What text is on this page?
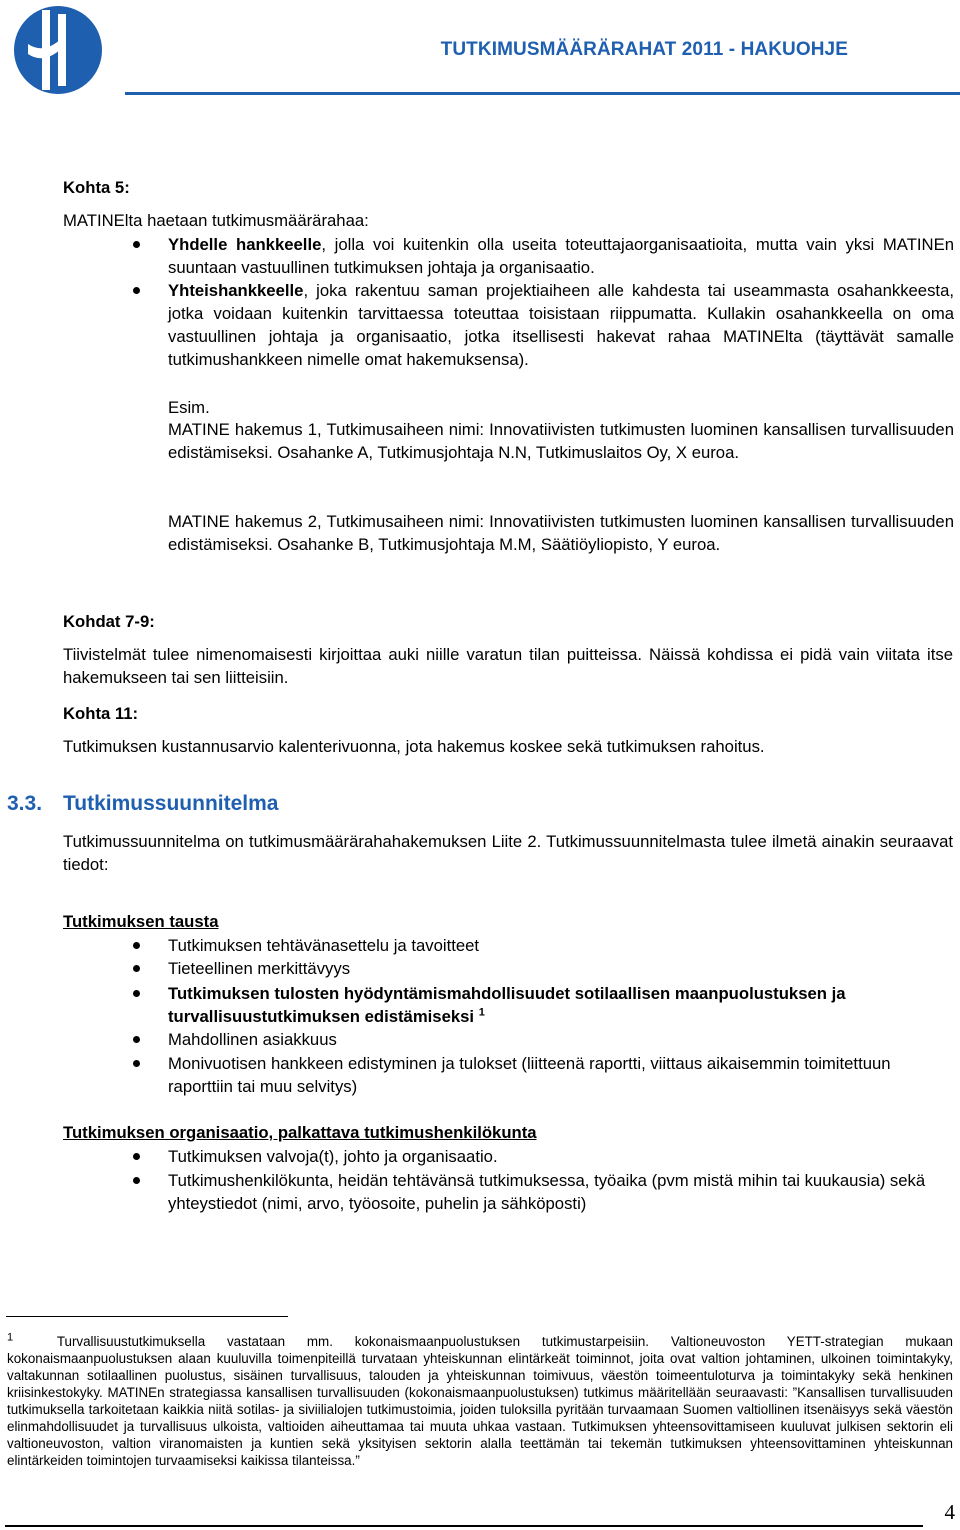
TUTKIMUSMÄÄRÄRAHAT 2011 - HAKUOHJE
Kohta 5:
MATINElta haetaan tutkimusmäärärahaa:
Yhdelle hankkeelle, jolla voi kuitenkin olla useita toteuttajaorganisaatioita, mutta vain yksi MATINEn suuntaan vastuullinen tutkimuksen johtaja ja organisaatio.
Yhteishankkeelle, joka rakentuu saman projektiaiheen alle kahdesta tai useammasta osahankkeesta, jotka voidaan kuitenkin tarvittaessa toteuttaa toisistaan riippumatta. Kullakin osahankkeella on oma vastuullinen johtaja ja organisaatio, jotka itsellisesti hakevat rahaa MATINElta (täyttävät samalle tutkimushankkeen nimelle omat hakemuksensa).
Esim.
MATINE hakemus 1, Tutkimusaiheen nimi: Innovatiivisten tutkimusten luominen kansallisen turvallisuuden edistämiseksi. Osahanke A, Tutkimusjohtaja N.N, Tutkimuslaitos Oy, X euroa.
MATINE hakemus 2, Tutkimusaiheen nimi: Innovatiivisten tutkimusten luominen kansallisen turvallisuuden edistämiseksi. Osahanke B, Tutkimusjohtaja M.M, Säätiöyliopisto, Y euroa.
Kohdat 7-9:
Tiivistelmät tulee nimenomaisesti kirjoittaa auki niille varatun tilan puitteissa. Näissä kohdissa ei pidä vain viitata itse hakemukseen tai sen liitteisiin.
Kohta 11:
Tutkimuksen kustannusarvio kalenterivuonna, jota hakemus koskee sekä tutkimuksen rahoitus.
3.3. Tutkimussuunnitelma
Tutkimussuunnitelma on tutkimusmäärärahahakemuksen Liite 2. Tutkimussuunnitelmasta tulee ilmetä ainakin seuraavat tiedot:
Tutkimuksen tausta
Tutkimuksen tehtävänasettelu ja tavoitteet
Tieteellinen merkittävyys
Tutkimuksen tulosten hyödyntämismahdollisuudet sotilaallisen maanpuolustuksen ja turvallisuustutkimuksen edistämiseksi $^1$
Mahdollinen asiakkuus
Monivuotisen hankkeen edistyminen ja tulokset (liitteenä raportti, viittaus aikaisemmin toimitettuun raporttiin tai muu selvitys)
Tutkimuksen organisaatio, palkattava tutkimushenkilökunta
Tutkimuksen valvoja(t), johto ja organisaatio.
Tutkimushenkilökunta, heidän tehtävänsä tutkimuksessa, työaika (pvm mistä mihin tai kuukausia) sekä yhteystiedot (nimi, arvo, työosoite, puhelin ja sähköposti)
$^1$	Turvallisuustutkimuksella vastataan mm. kokonaismaanpuolustuksen tutkimustarpeisiin. Valtioneuvoston YETT-strategian mukaan kokonaismaanpuolustuksen alaan kuuluvilla toimenpiteillä turvataan yhteiskunnan elintärkeät toiminnot, joita ovat valtion johtaminen, ulkoinen toimintakyky, valtakunnan sotilaallinen puolustus, sisäinen turvallisuus, talouden ja yhteiskunnan toimivuus, väestön toimeentuloturva ja toimintakyky sekä henkinen kriisinkestokyky. MATINEn strategiassa kansallisen turvallisuuden (kokonaismaanpuolustuksen) tutkimus määritellään seuraavasti: ”Kansallisen turvallisuuden tutkimuksella tarkoitetaan kaikkia niitä sotilas- ja siviilialojen tutkimustoimia, joiden tuloksilla pyritään turvaamaan Suomen valtiollinen itsenäisyys sekä väestön elinmahdollisuudet ja turvallisuus ulkoista, valtioiden aiheuttamaa tai muuta uhkaa vastaan. Tutkimuksen yhteensovittamiseen kuuluvat julkisen sektorin eli valtioneuvoston, valtion viranomaisten ja kuntien sekä yksityisen sektorin alalla teettämän tai tekemän tutkimuksen yhteensovittaminen yhteiskunnan elintärkeiden toimintojen turvaamiseksi kaikissa tilanteissa.”
4
